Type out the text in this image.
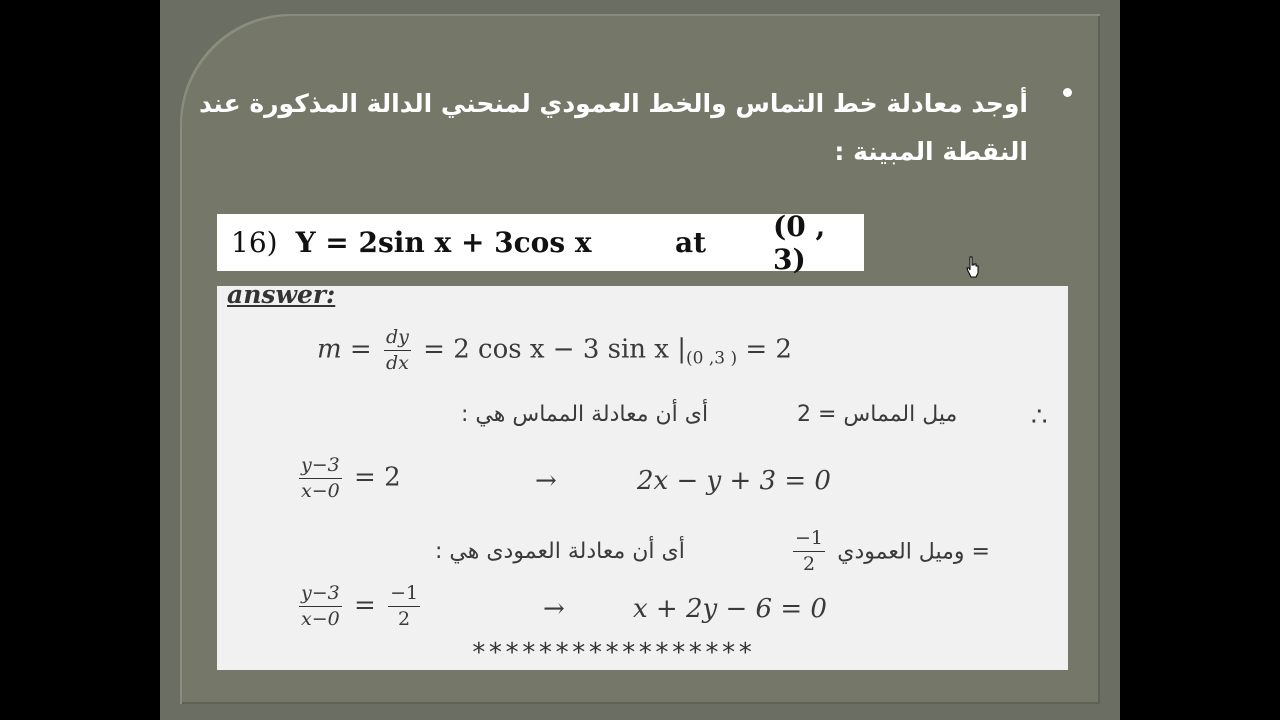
أوجد معادلة خط التماس والخط العمودي لمنحني الدالة المذكورة عند النقطة المبينة :
16) Y = 2sin x + 3cos x	at (0 , 3)
answer:
$m = \frac{dy}{dx} = 2$ cos x − 3 sin x $|_{(0 ,3 )} = 2$
أى أن معادلة المماس هي :	ميل المماس = 2	∴
$\frac{y-3}{x-0} = 2$	→	2x − y + 3 = 0
أى أن معادلة العمودى هي :	$\frac{-1}{2}$ وميل العمودي =
$\frac{y-3}{x-0} = \frac{-1}{2}$	→	x + 2y − 6 = 0
*****************
